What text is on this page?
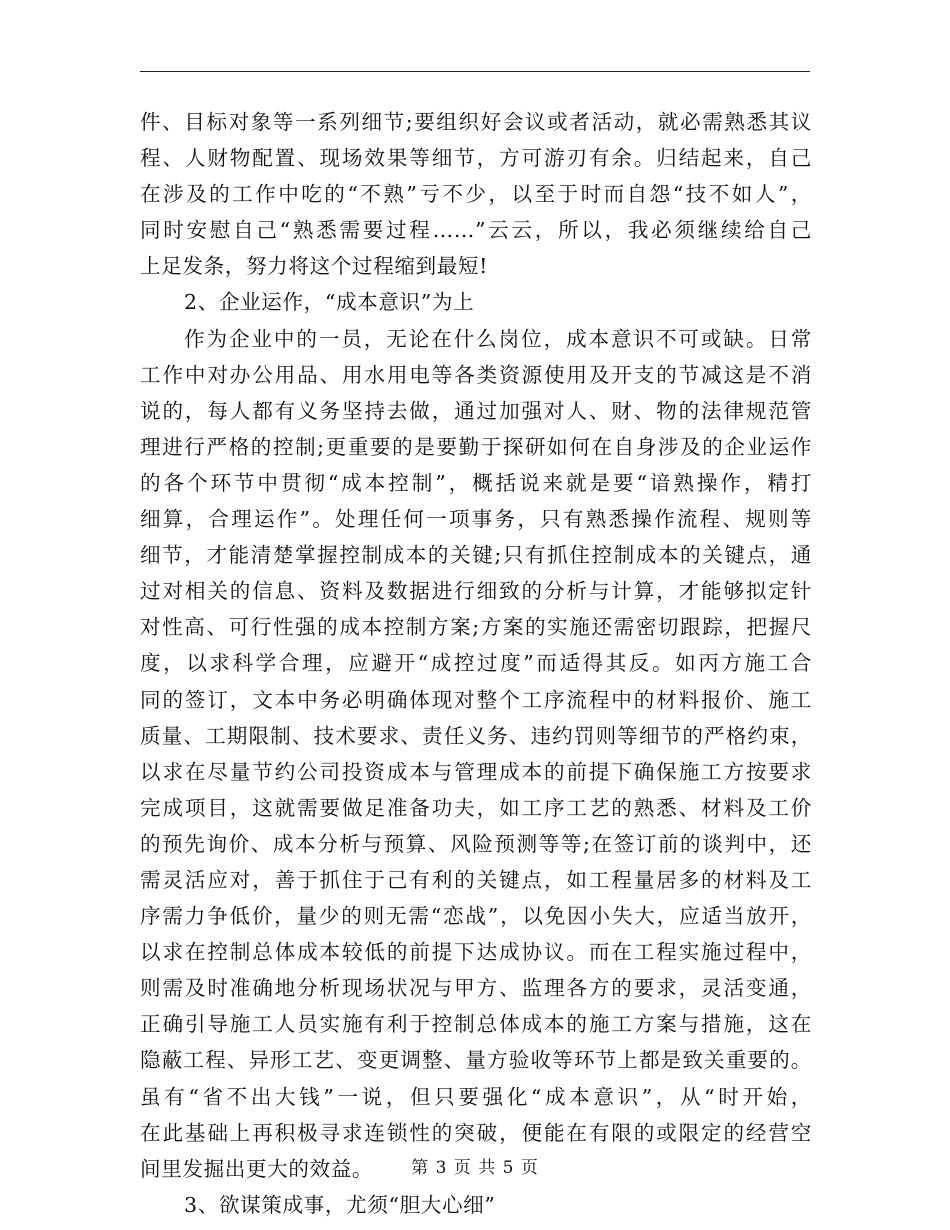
件、目标对象等一系列细节;要组织好会议或者活动，就必需熟悉其议
程、人财物配置、现场效果等细节，方可游刃有余。归结起来，自己
在涉及的工作中吃的“不熟”亏不少，以至于时而自怨“技不如人”，
同时安慰自己“熟悉需要过程……”云云，所以，我必须继续给自己
上足发条，努力将这个过程缩到最短!
2、企业运作，“成本意识”为上
作为企业中的一员，无论在什么岗位，成本意识不可或缺。日常
工作中对办公用品、用水用电等各类资源使用及开支的节减这是不消
说的，每人都有义务坚持去做，通过加强对人、财、物的法律规范管
理进行严格的控制;更重要的是要勤于探研如何在自身涉及的企业运作
的各个环节中贯彻“成本控制”，概括说来就是要“谙熟操作，精打
细算，合理运作”。处理任何一项事务，只有熟悉操作流程、规则等
细节，才能清楚掌握控制成本的关键;只有抓住控制成本的关键点，通
过对相关的信息、资料及数据进行细致的分析与计算，才能够拟定针
对性高、可行性强的成本控制方案;方案的实施还需密切跟踪，把握尺
度，以求科学合理，应避开“成控过度”而适得其反。如丙方施工合
同的签订，文本中务必明确体现对整个工序流程中的材料报价、施工
质量、工期限制、技术要求、责任义务、违约罚则等细节的严格约束，
以求在尽量节约公司投资成本与管理成本的前提下确保施工方按要求
完成项目，这就需要做足准备功夫，如工序工艺的熟悉、材料及工价
的预先询价、成本分析与预算、风险预测等等;在签订前的谈判中，还
需灵活应对，善于抓住于己有利的关键点，如工程量居多的材料及工
序需力争低价，量少的则无需“恋战”，以免因小失大，应适当放开，
以求在控制总体成本较低的前提下达成协议。而在工程实施过程中，
则需及时准确地分析现场状况与甲方、监理各方的要求，灵活变通，
正确引导施工人员实施有利于控制总体成本的施工方案与措施，这在
隐蔽工程、异形工艺、变更调整、量方验收等环节上都是致关重要的。
虽有“省不出大钱”一说，但只要强化“成本意识”，从“时开始，
在此基础上再积极寻求连锁性的突破，便能在有限的或限定的经营空
间里发掘出更大的效益。
3、欲谋策成事，尤须“胆大心细”
第 3 页 共 5 页
